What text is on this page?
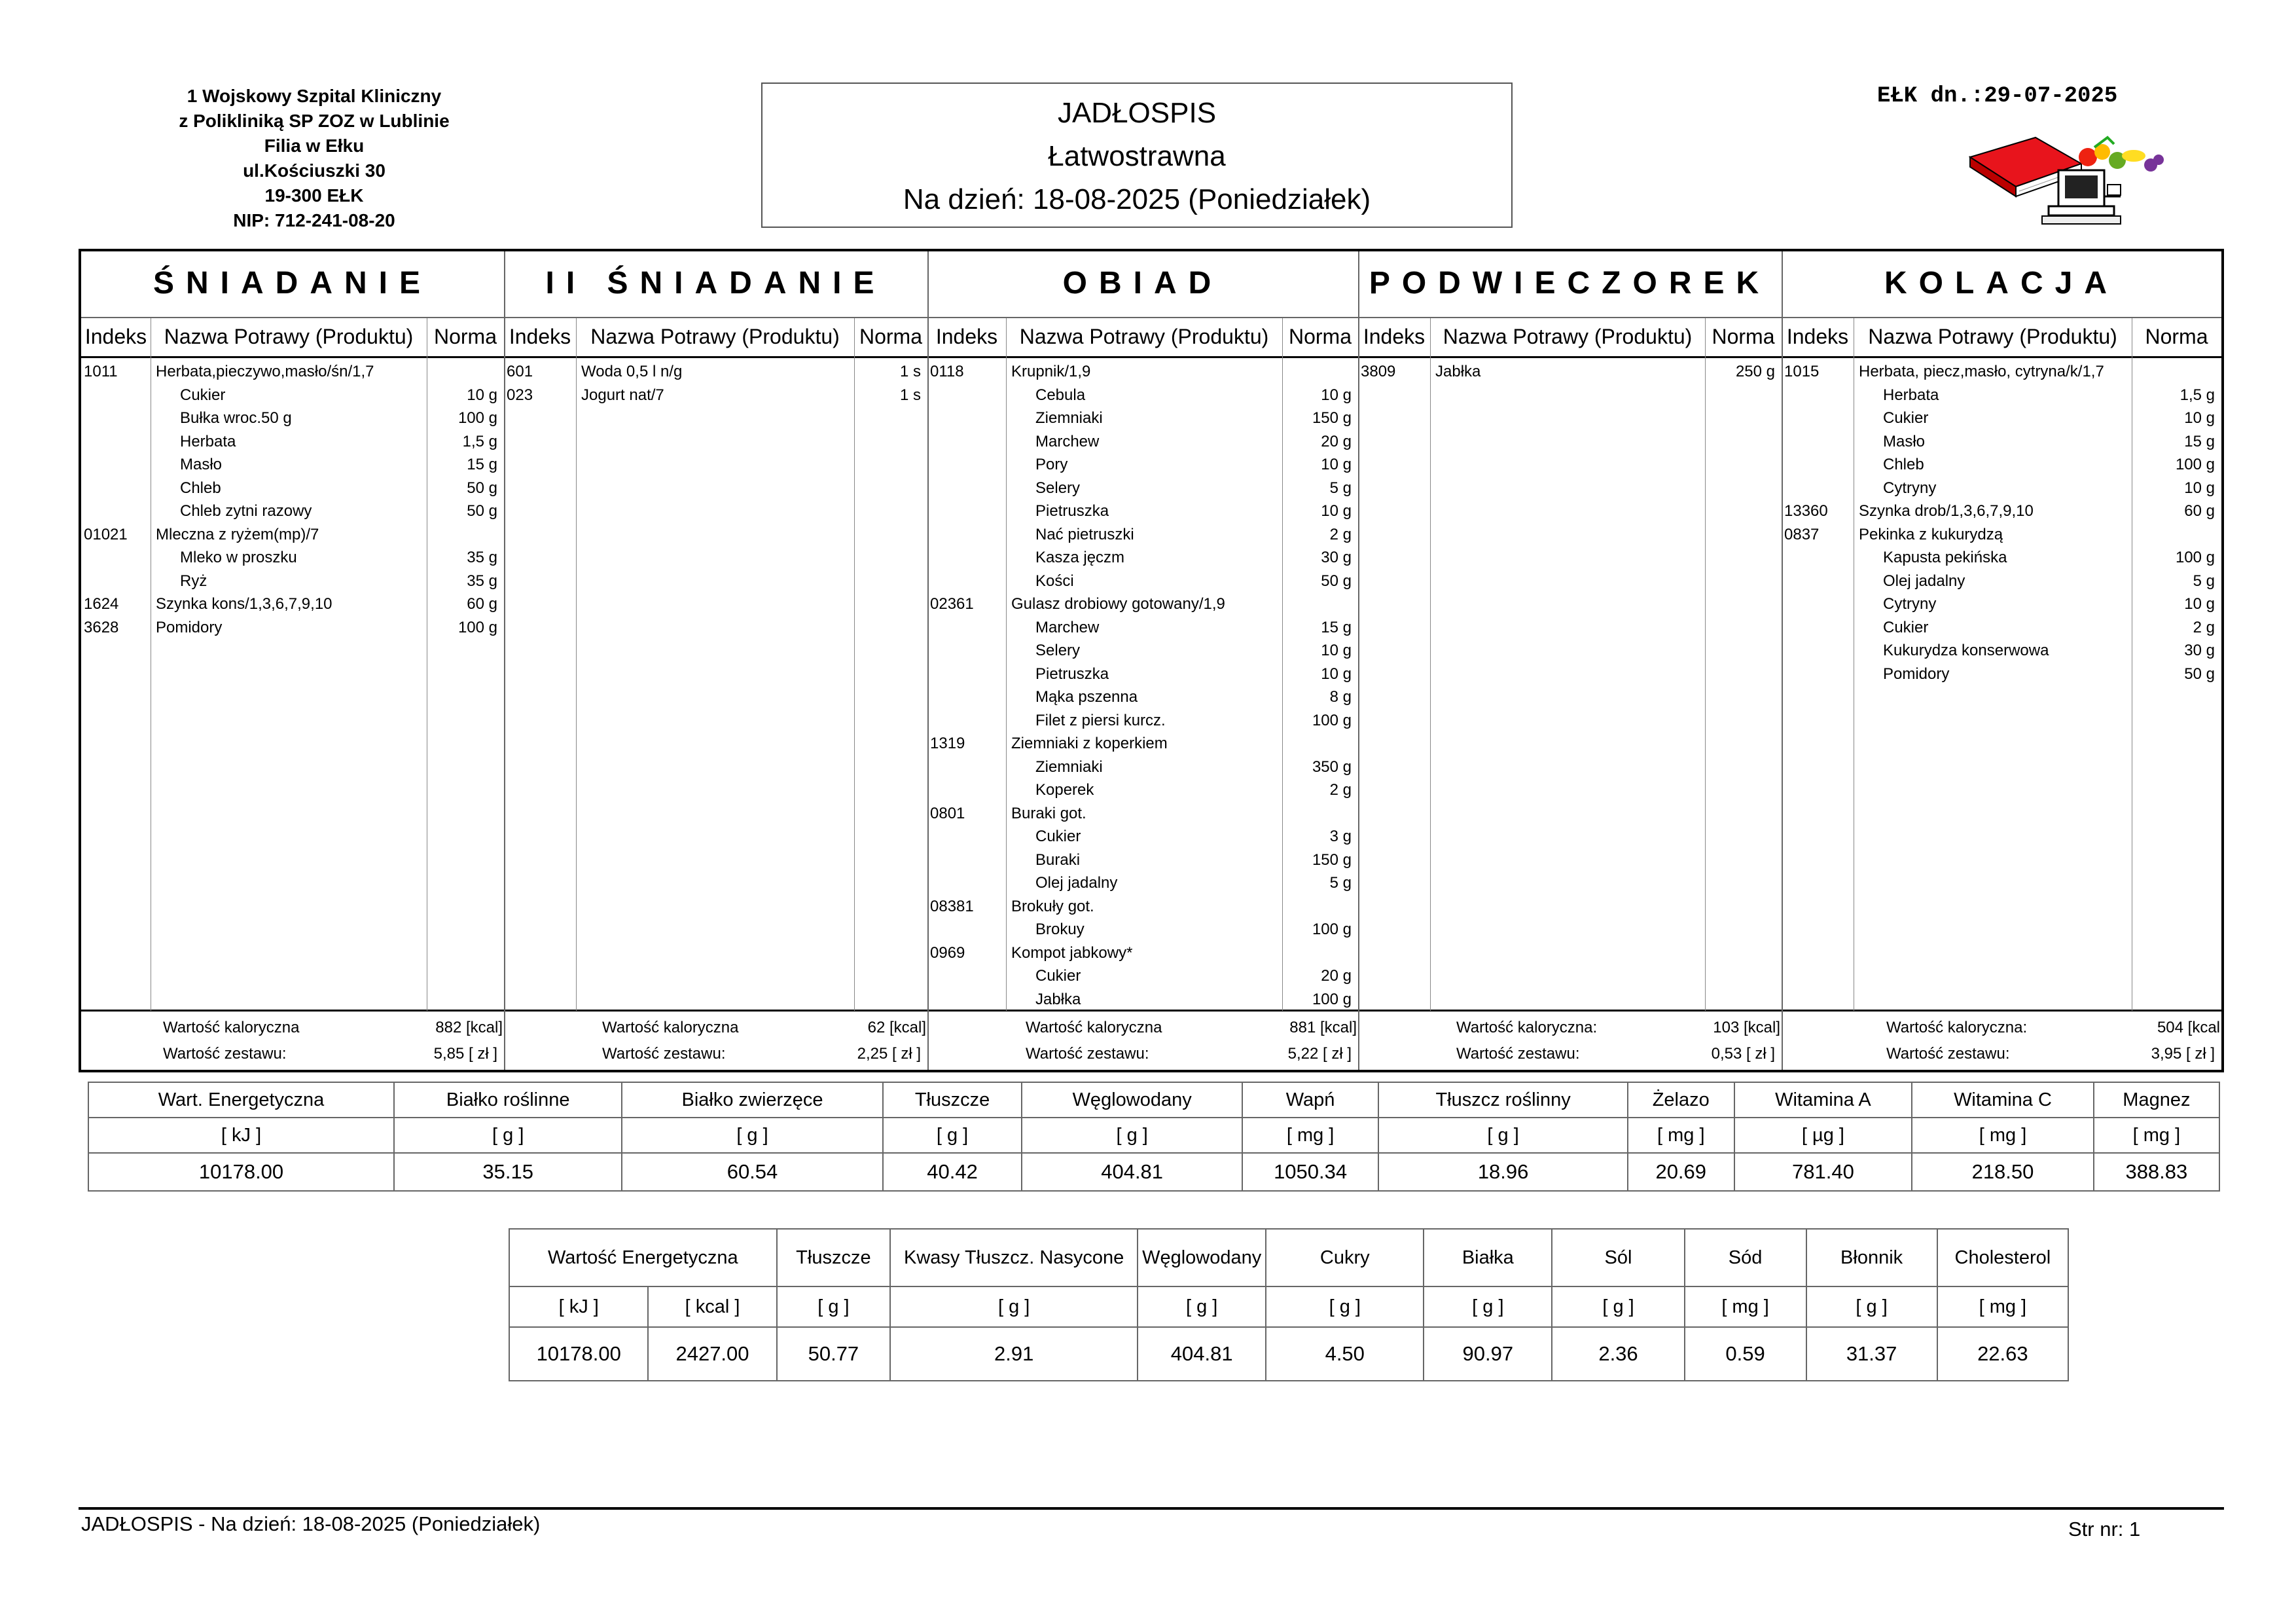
1 Wojskowy Szpital Kliniczny
z Polikliniką SP ZOZ w Lublinie
Filia w Ełku
ul.Kościuszki 30
19-300 EŁK
NIP: 712-241-08-20
JADŁOSPIS
Łatwostrawna
Na dzień: 18-08-2025 (Poniedziałek)
EŁK dn.:29-07-2025
ŚNIADANIE
Indeks Nazwa Potrawy (Produktu) Norma
1011 Herbata,pieczywo,masło/śn/1,7
Cukier	10 g
Bułka wroc.50 g	100 g
Herbata	1,5 g
Masło	15 g
Chleb	50 g
Chleb zytni razowy	50 g
01021 Mleczna z ryżem(mp)/7
Mleko w proszku	35 g
Ryż	35 g
1624 Szynka kons/1,3,6,7,9,10	60 g
3628 Pomidory	100 g
Wartość kaloryczna	882 [kcal]
Wartość zestawu:	5,85 [ zł ]
II ŚNIADANIE
Indeks Nazwa Potrawy (Produktu) Norma
601	Woda 0,5 l n/g	1 s
023	Jogurt nat/7	1 s
Wartość kaloryczna	62 [kcal]
Wartość zestawu:	2,25 [ zł ]
OBIAD
Indeks	Nazwa Potrawy (Produktu) Norma
0118	Krupnik/1,9
Cebula	10 g
Ziemniaki	150 g
Marchew	20 g
Pory	10 g
Selery	5 g
Pietruszka	10 g
Nać pietruszki	2 g
Kasza jęczm	30 g
Kości	50 g
02361 Gulasz drobiowy gotowany/1,9
Marchew	15 g
Selery	10 g
Pietruszka	10 g
Mąka pszenna	8 g
Filet z piersi kurcz.	100 g
1319	Ziemniaki z koperkiem
Ziemniaki	350 g
Koperek	2 g
0801	Buraki got.
Cukier	3 g
Buraki	150 g
Olej jadalny	5 g
08381 Brokuły got.
Brokuy	100 g
0969	Kompot jabkowy*
Cukier	20 g
Jabłka	100 g
Wartość kaloryczna	881 [kcal]
Wartość zestawu:	5,22 [ zł ]
PODWIECZOREK
Indeks Nazwa Potrawy (Produktu) Norma
3809	Jabłka	250 g
Wartość kaloryczna:	103 [kcal]
Wartość zestawu:	0,53 [ zł ]
KOLACJA
Indeks Nazwa Potrawy (Produktu)	Norma
1015	Herbata, piecz,masło, cytryna/k/1,7
Herbata	1,5 g
Cukier	10 g
Masło	15 g
Chleb	100 g
Cytryny	10 g
13360 Szynka drob/1,3,6,7,9,10	60 g
0837	Pekinka z kukurydzą
Kapusta pekińska	100 g
Olej jadalny	5 g
Cytryny	10 g
Cukier	2 g
Kukurydza konserwowa	30 g
Pomidory	50 g
Wartość kaloryczna:	504 [kcal
Wartość zestawu:	3,95 [ zł ]
Wart. Energetyczna	Białko roślinne	Białko zwierzęce	Tłuszcze	Węglowodany	Wapń	Tłuszcz roślinny	Żelazo	Witamina A	Witamina C	Magnez
[ kJ ]	[ g ]	[ g ]	[ g ]	[ g ]	[ mg ]	[ g ]	[ mg ]	[ µg ]	[ mg ]	[ mg ]
10178.00	35.15	60.54	40.42	404.81	1050.34	18.96	20.69	781.40	218.50	388.83
Wartość Energetyczna		Tłuszcze	Kwasy Tłuszcz. Nasycone	Węglowodany	Cukry	Białka	Sól	Sód	Błonnik	Cholesterol
[ kJ ]	[ kcal ]	[ g ]	[ g ]	[ g ]	[ g ]	[ g ]	[ g ]	[ mg ]	[ g ]	[ mg ]
10178.00	2427.00	50.77	2.91	404.81	4.50	90.97	2.36	0.59	31.37	22.63
JADŁOSPIS - Na dzień: 18-08-2025 (Poniedziałek)	Str nr: 1
